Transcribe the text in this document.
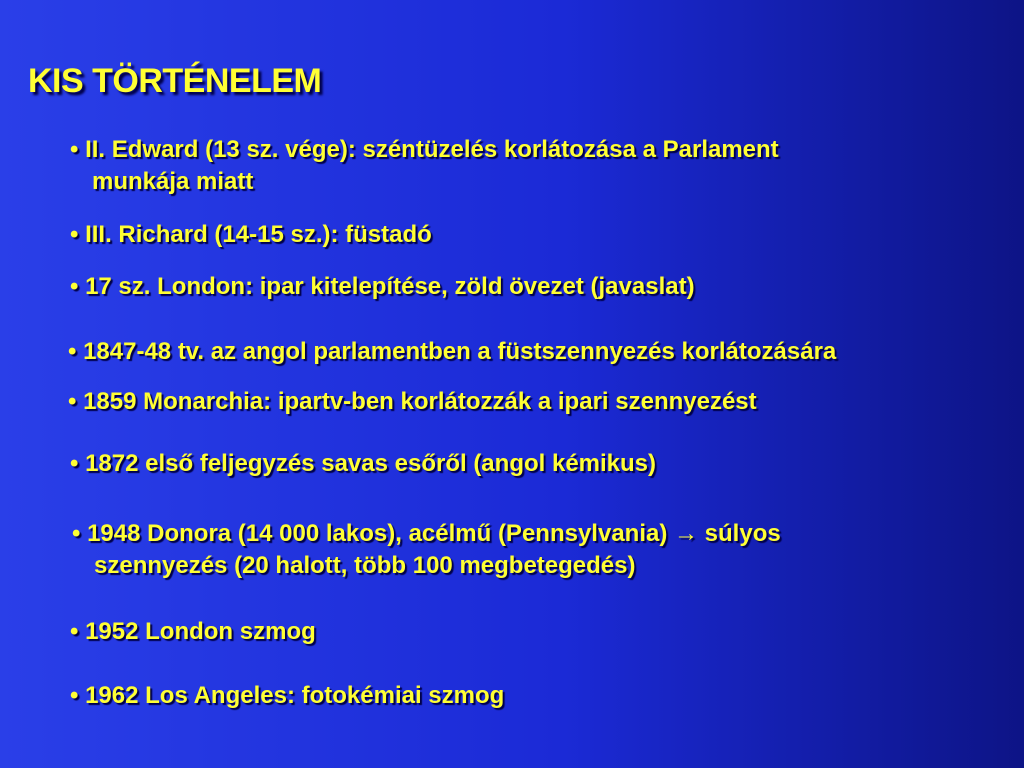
KIS TÖRTÉNELEM
• II. Edward (13 sz. vége): széntüzelés korlátozása a Parlament
munkája miatt
• III. Richard (14-15 sz.): füstadó
• 17 sz. London: ipar kitelepítése, zöld övezet (javaslat)
• 1847-48 tv. az angol parlamentben a füstszennyezés korlátozására
• 1859 Monarchia: ipartv-ben korlátozzák a ipari szennyezést
• 1872 első feljegyzés savas esőről (angol kémikus)
• 1948 Donora (14 000 lakos), acélmű (Pennsylvania) → súlyos
szennyezés (20 halott, több 100 megbetegedés)
• 1952 London szmog
• 1962 Los Angeles: fotokémiai szmog
